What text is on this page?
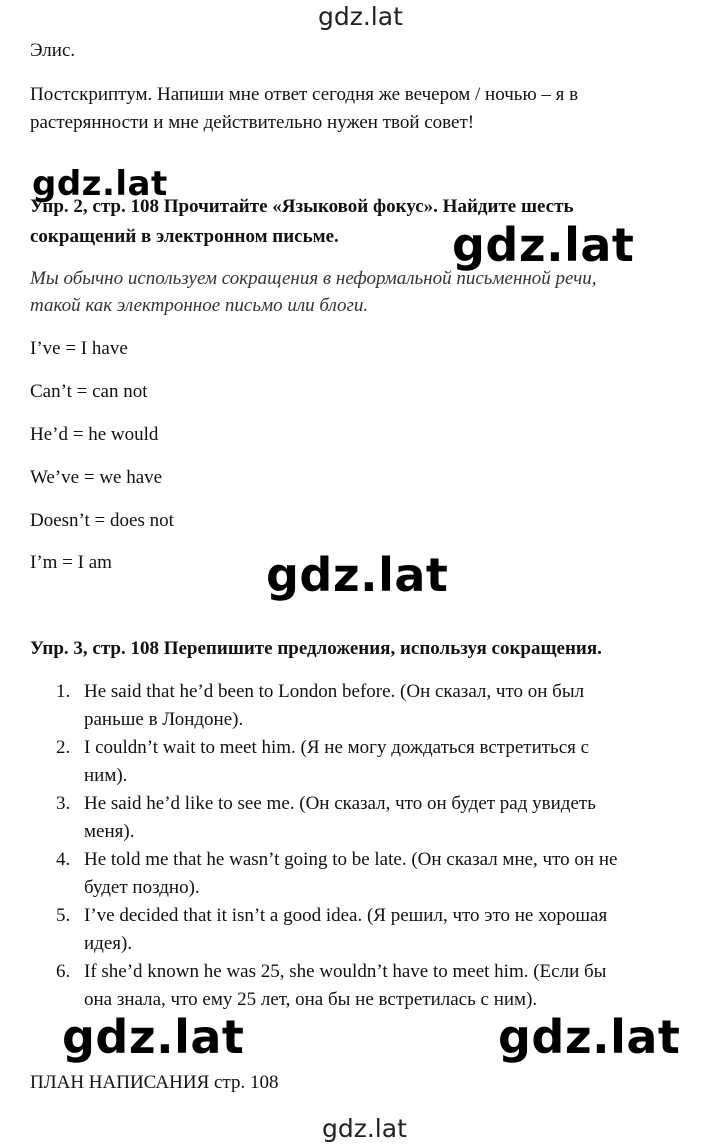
gdz.lat
Элис.
Постскриптум. Напиши мне ответ сегодня же вечером / ночью – я в
растерянности и мне действительно нужен твой совет!
gdz.lat
Упр. 2, стр. 108 Прочитайте «Языковой фокус». Найдите шесть
сокращений в электронном письме. gdz.lat
Мы обычно используем сокращения в неформальной письменной речи,
такой как электронное письмо или блоги.
I’ve = I have
Can’t = can not
He’d = he would
We’ve = we have
Doesn’t = does not
I’m = I am	gdz.lat
Упр. 3, стр. 108 Перепишите предложения, используя сокращения.
1. He said that he’d been to London before. (Он сказал, что он был
раньше в Лондоне).
2. I couldn’t wait to meet him. (Я не могу дождаться встретиться с
ним).
3. He said he’d like to see me. (Он сказал, что он будет рад увидеть
меня).
4. He told me that he wasn’t going to be late. (Он сказал мне, что он не
будет поздно).
5. I’ve decided that it isn’t a good idea. (Я решил, что это не хорошая
идея).
6. If she’d known he was 25, she wouldn’t have to meet him. (Если бы
она знала, что ему 25 лет, она бы не встретилась с ним).
gdz.lat	gdz.lat
ПЛАН НАПИСАНИЯ стр. 108
gdz.lat
